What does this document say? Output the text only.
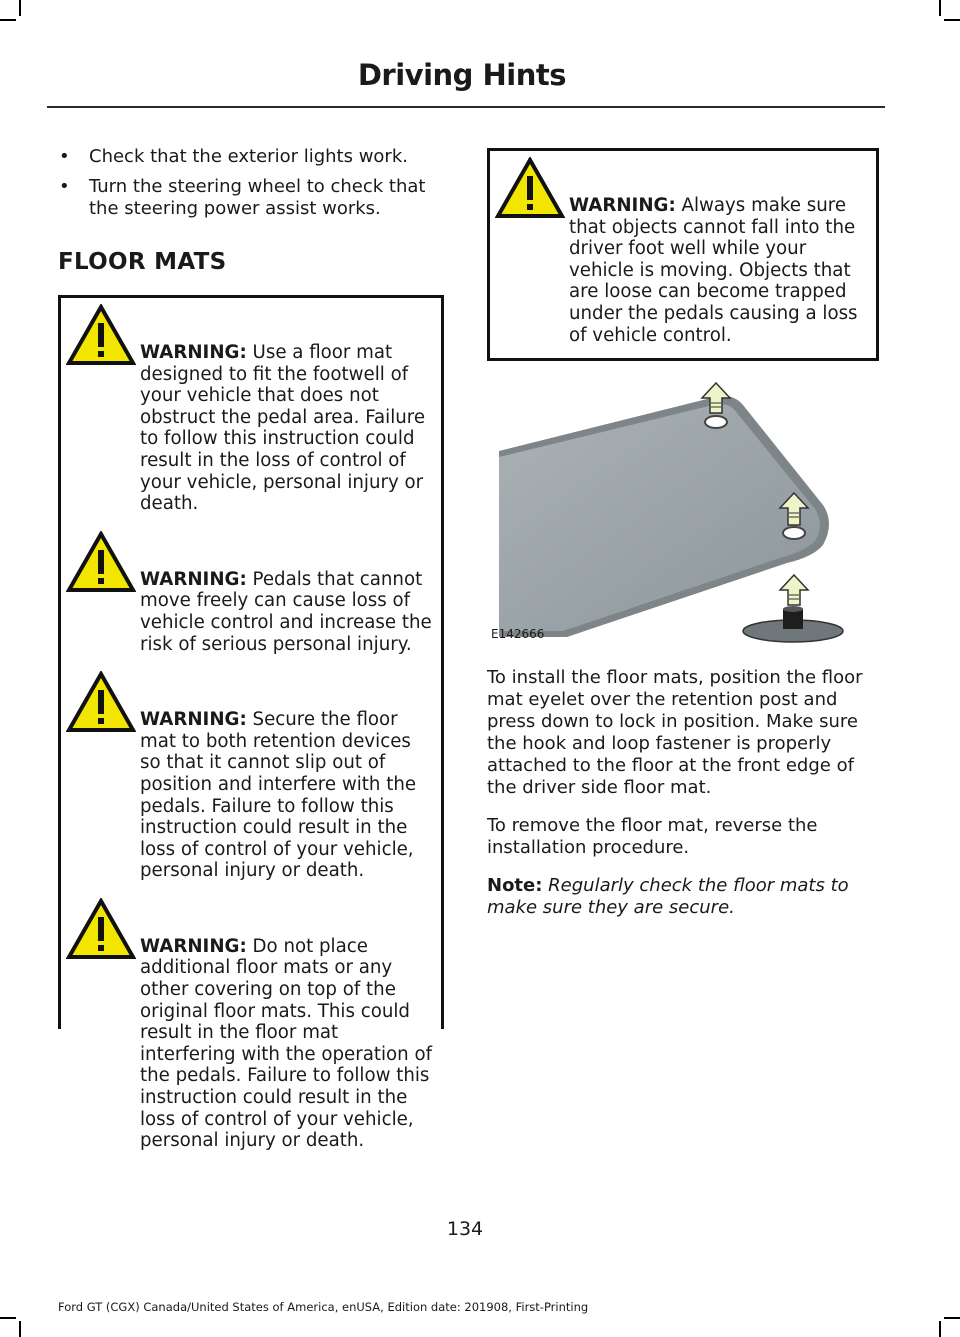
Driving Hints
• Check that the exterior lights work.
• Turn the steering wheel to check that the steering power assist works.
FLOOR MATS
WARNING: Use a floor mat designed to fit the footwell of your vehicle that does not obstruct the pedal area. Failure to follow this instruction could result in the loss of control of your vehicle, personal injury or death.
WARNING: Pedals that cannot move freely can cause loss of vehicle control and increase the risk of serious personal injury.
WARNING: Secure the floor mat to both retention devices so that it cannot slip out of position and interfere with the pedals. Failure to follow this instruction could result in the loss of control of your vehicle, personal injury or death.
WARNING: Do not place additional floor mats or any other covering on top of the original floor mats. This could result in the floor mat interfering with the operation of the pedals. Failure to follow this instruction could result in the loss of control of your vehicle, personal injury or death.
WARNING: Always make sure that objects cannot fall into the driver foot well while your vehicle is moving. Objects that are loose can become trapped under the pedals causing a loss of vehicle control.
E142666

To install the floor mats, position the floor mat eyelet over the retention post and press down to lock in position. Make sure the hook and loop fastener is properly attached to the floor at the front edge of the driver side floor mat.

To remove the floor mat, reverse the installation procedure.

Note: Regularly check the floor mats to make sure they are secure.

134
Ford GT (CGX) Canada/United States of America, enUSA, Edition date: 201908, First-Printing
